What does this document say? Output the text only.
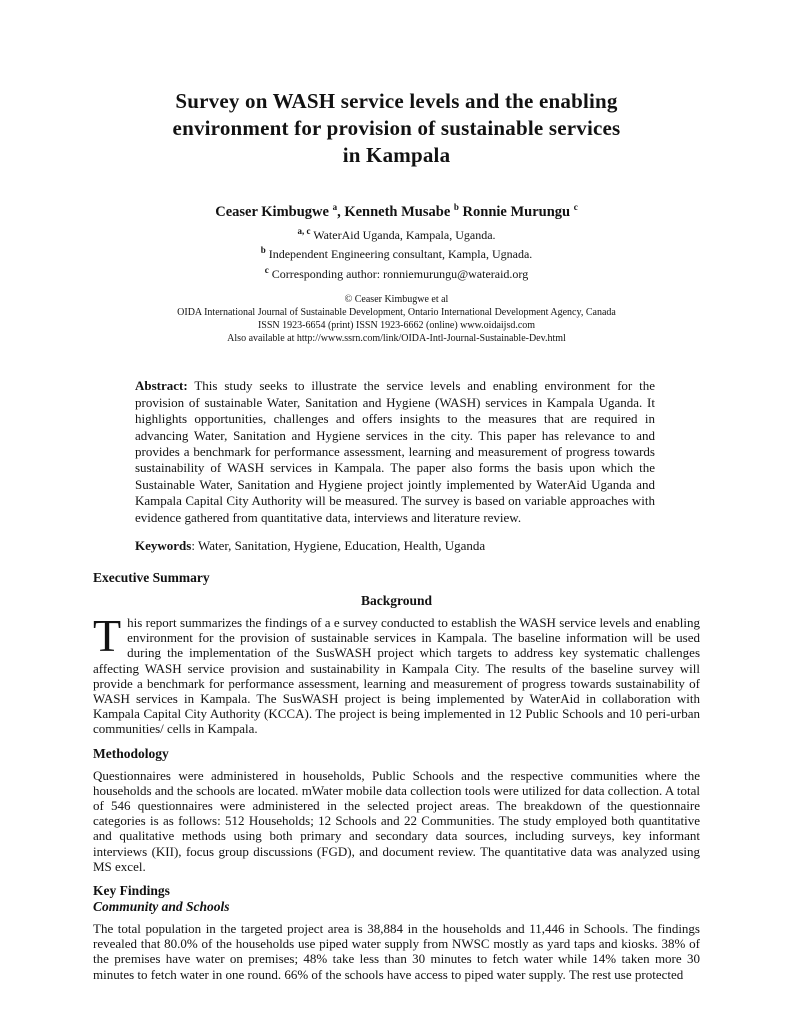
Survey on WASH service levels and the enabling
environment for provision of sustainable services
in Kampala
Ceaser Kimbugwe $^a$, Kenneth Musabe $^b$ Ronnie Murungu $^c$
$^{a, c}$ WaterAid Uganda, Kampala, Uganda.
$^b$ Independent Engineering consultant, Kampla, Ugnada.
$^c$ Corresponding author: ronniemurungu@wateraid.org
© Ceaser Kimbugwe et al
OIDA International Journal of Sustainable Development, Ontario International Development Agency, Canada
ISSN 1923-6654 (print) ISSN 1923-6662 (online) www.oidaijsd.com
Also available at http://www.ssrn.com/link/OIDA-Intl-Journal-Sustainable-Dev.html
Abstract: This study seeks to illustrate the service levels and enabling environment for the provision of sustainable Water, Sanitation and Hygiene (WASH) services in Kampala Uganda. It highlights opportunities, challenges and offers insights to the measures that are required in advancing Water, Sanitation and Hygiene services in the city. This paper has relevance to and provides a benchmark for performance assessment, learning and measurement of progress towards sustainability of WASH services in Kampala. The paper also forms the basis upon which the Sustainable Water, Sanitation and Hygiene project jointly implemented by WaterAid Uganda and Kampala Capital City Authority will be measured. The survey is based on variable approaches with evidence gathered from quantitative data, interviews and literature review.
Keywords: Water, Sanitation, Hygiene, Education, Health, Uganda
Executive Summary
Background
This report summarizes the findings of a e survey conducted to establish the WASH service levels and enabling environment for the provision of sustainable services in Kampala. The baseline information will be used during the implementation of the SusWASH project which targets to address key systematic challenges affecting WASH service provision and sustainability in Kampala City. The results of the baseline survey will provide a benchmark for performance assessment, learning and measurement of progress towards sustainability of WASH services in Kampala. The SusWASH project is being implemented by WaterAid in collaboration with Kampala Capital City Authority (KCCA). The project is being implemented in 12 Public Schools and 10 peri-urban communities/ cells in Kampala.
Methodology
Questionnaires were administered in households, Public Schools and the respective communities where the households and the schools are located. mWater mobile data collection tools were utilized for data collection. A total of 546 questionnaires were administered in the selected project areas. The breakdown of the questionnaire categories is as follows: 512 Households; 12 Schools and 22 Communities. The study employed both quantitative and qualitative methods using both primary and secondary data sources, including surveys, key informant interviews (KII), focus group discussions (FGD), and document review. The quantitative data was analyzed using MS excel.
Key Findings
Community and Schools
The total population in the targeted project area is 38,884 in the households and 11,446 in Schools. The findings revealed that 80.0% of the households use piped water supply from NWSC mostly as yard taps and kiosks. 38% of the premises have water on premises; 48% take less than 30 minutes to fetch water while 14% taken more 30 minutes to fetch water in one round. 66% of the schools have access to piped water supply. The rest use protected
